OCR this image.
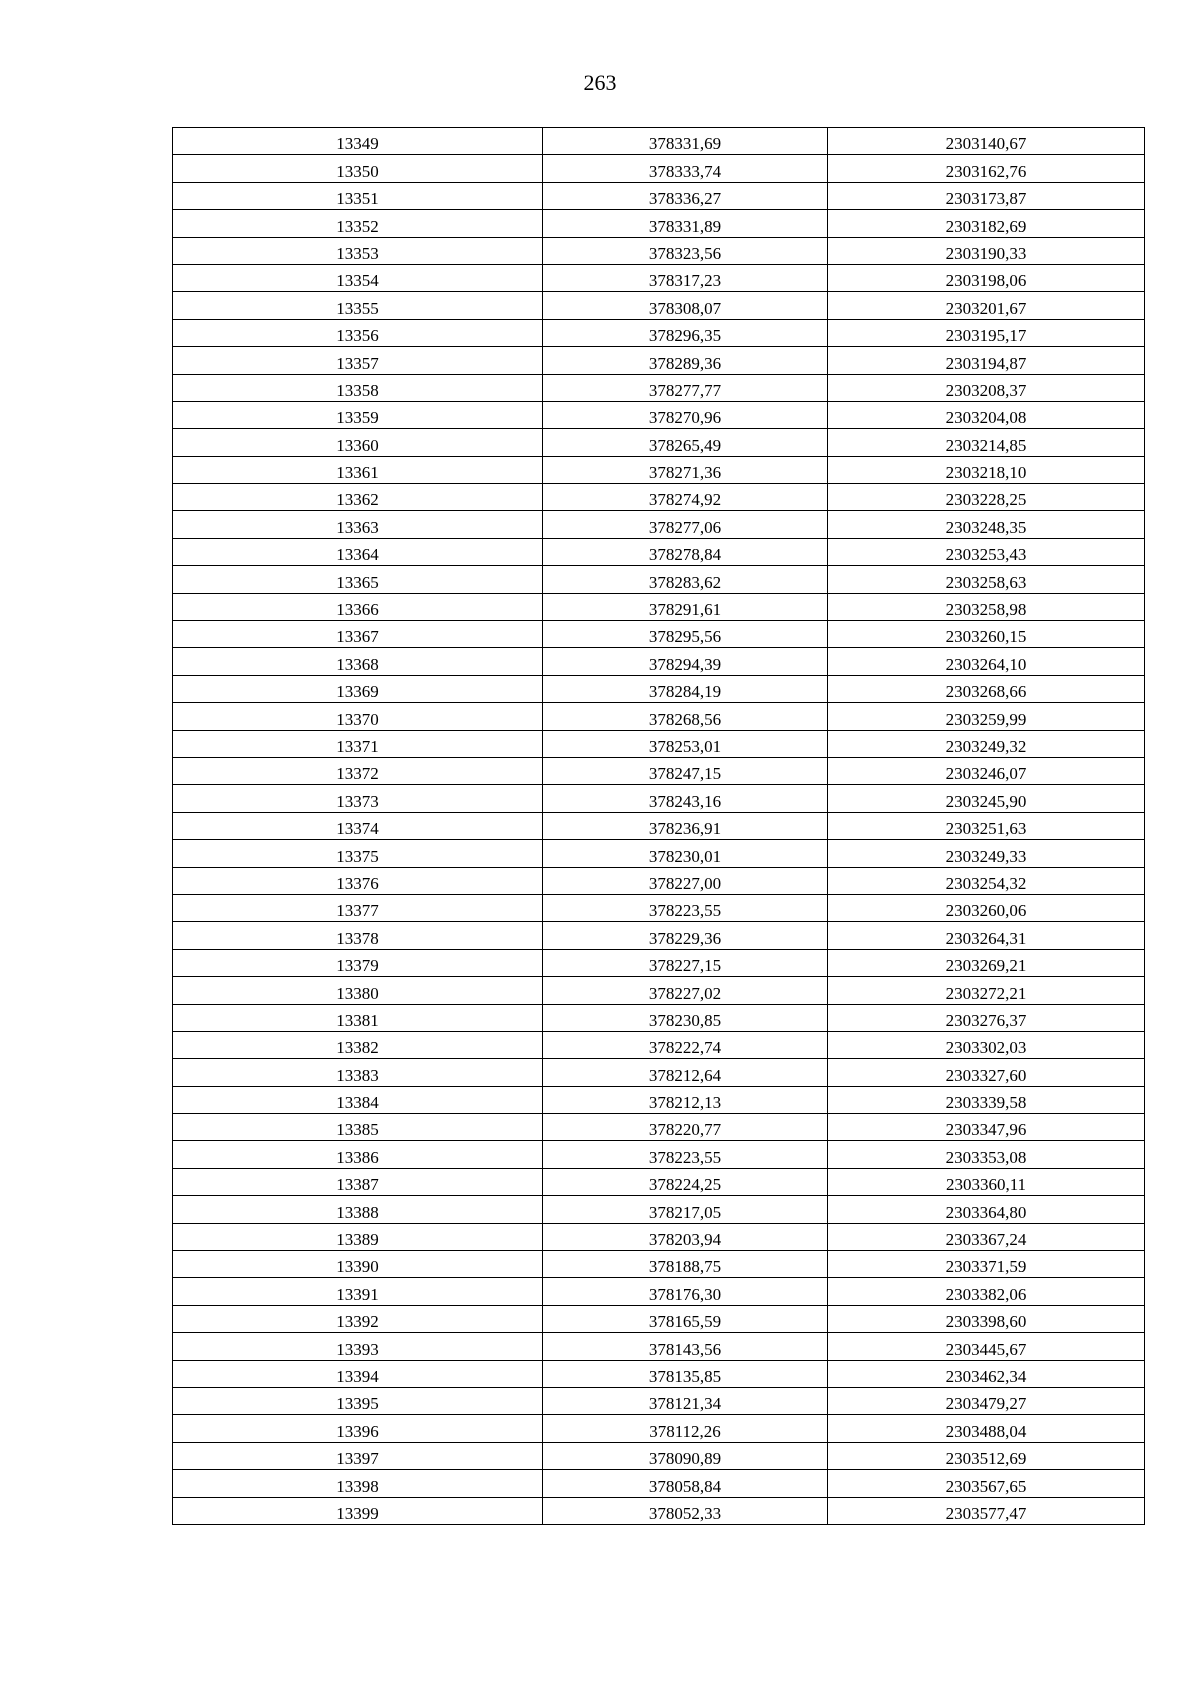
263
13349	378331,69	2303140,67
13350	378333,74	2303162,76
13351	378336,27	2303173,87
13352	378331,89	2303182,69
13353	378323,56	2303190,33
13354	378317,23	2303198,06
13355	378308,07	2303201,67
13356	378296,35	2303195,17
13357	378289,36	2303194,87
13358	378277,77	2303208,37
13359	378270,96	2303204,08
13360	378265,49	2303214,85
13361	378271,36	2303218,10
13362	378274,92	2303228,25
13363	378277,06	2303248,35
13364	378278,84	2303253,43
13365	378283,62	2303258,63
13366	378291,61	2303258,98
13367	378295,56	2303260,15
13368	378294,39	2303264,10
13369	378284,19	2303268,66
13370	378268,56	2303259,99
13371	378253,01	2303249,32
13372	378247,15	2303246,07
13373	378243,16	2303245,90
13374	378236,91	2303251,63
13375	378230,01	2303249,33
13376	378227,00	2303254,32
13377	378223,55	2303260,06
13378	378229,36	2303264,31
13379	378227,15	2303269,21
13380	378227,02	2303272,21
13381	378230,85	2303276,37
13382	378222,74	2303302,03
13383	378212,64	2303327,60
13384	378212,13	2303339,58
13385	378220,77	2303347,96
13386	378223,55	2303353,08
13387	378224,25	2303360,11
13388	378217,05	2303364,80
13389	378203,94	2303367,24
13390	378188,75	2303371,59
13391	378176,30	2303382,06
13392	378165,59	2303398,60
13393	378143,56	2303445,67
13394	378135,85	2303462,34
13395	378121,34	2303479,27
13396	378112,26	2303488,04
13397	378090,89	2303512,69
13398	378058,84	2303567,65
13399	378052,33	2303577,47
